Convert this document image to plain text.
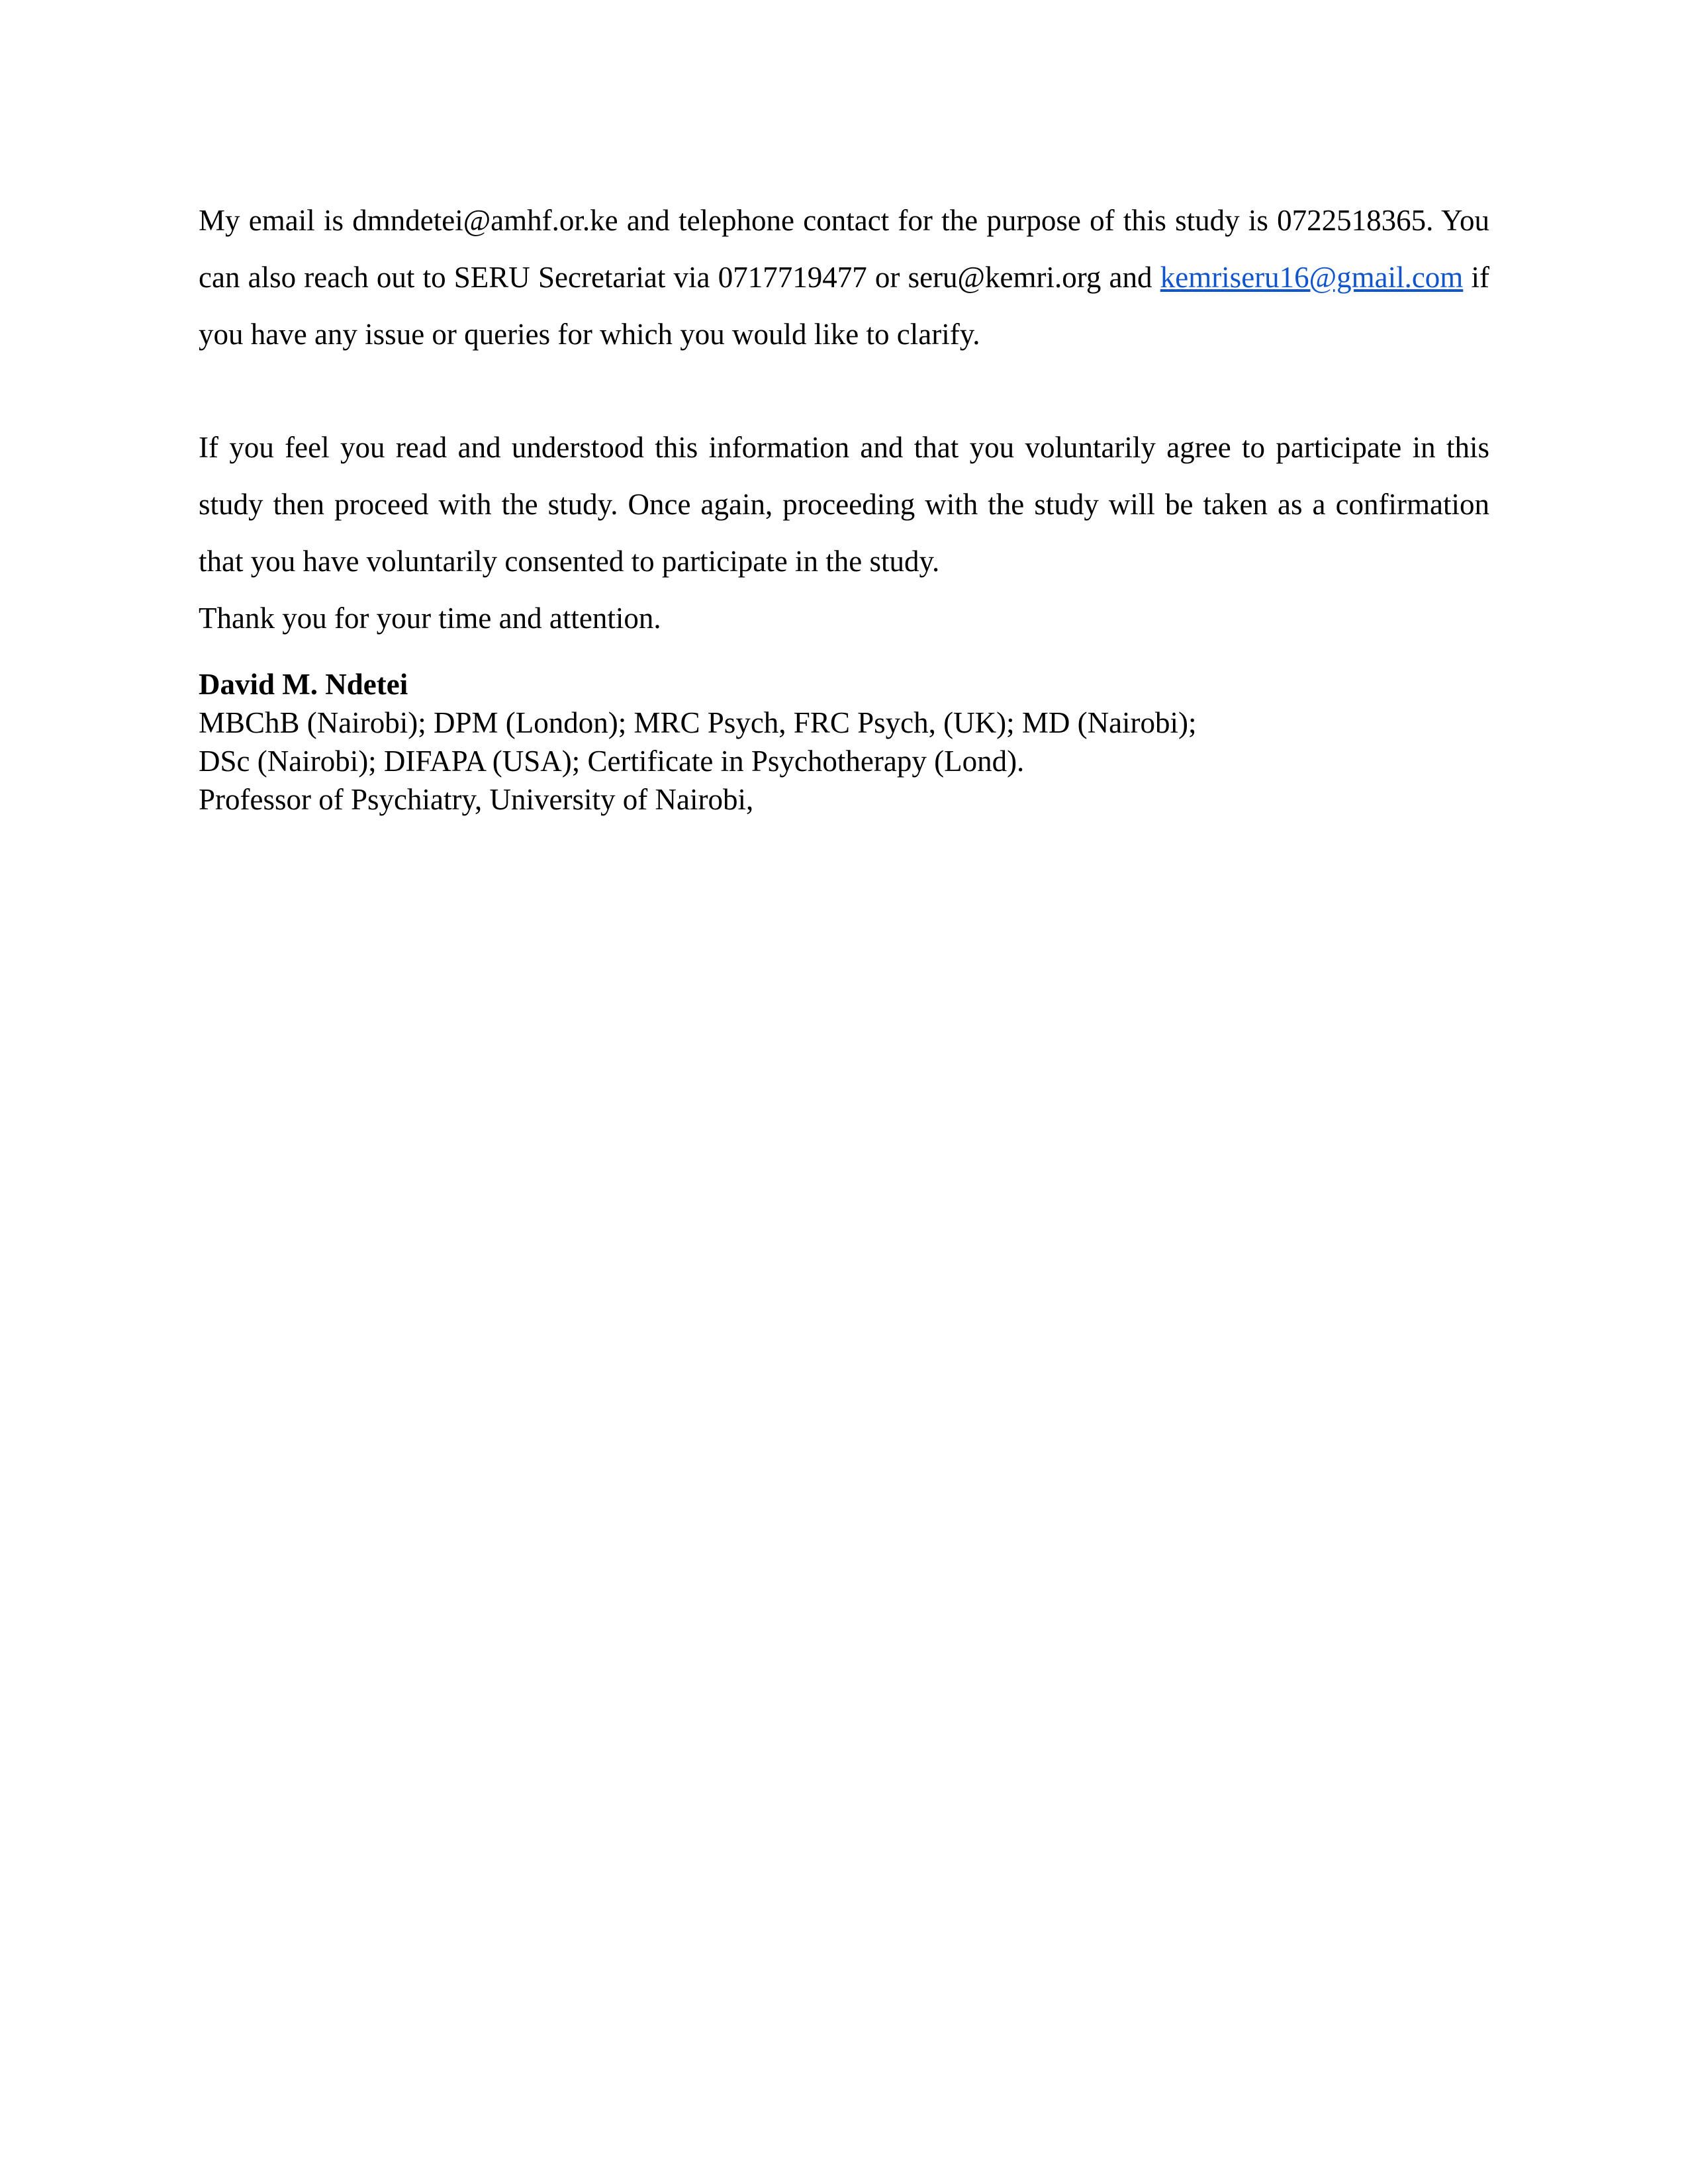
My email is dmndetei@amhf.or.ke and telephone contact for the purpose of this study is 0722518365. You can also reach out to SERU Secretariat via 0717719477 or seru@kemri.org and kemriseru16@gmail.com if you have any issue or queries for which you would like to clarify.

If you feel you read and understood this information and that you voluntarily agree to participate in this study then proceed with the study. Once again, proceeding with the study will be taken as a confirmation that you have voluntarily consented to participate in the study.

Thank you for your time and attention.

David M. Ndetei
MBChB (Nairobi); DPM (London); MRC Psych, FRC Psych, (UK); MD (Nairobi);
DSc (Nairobi); DIFAPA (USA); Certificate in Psychotherapy (Lond).
Professor of Psychiatry, University of Nairobi,
